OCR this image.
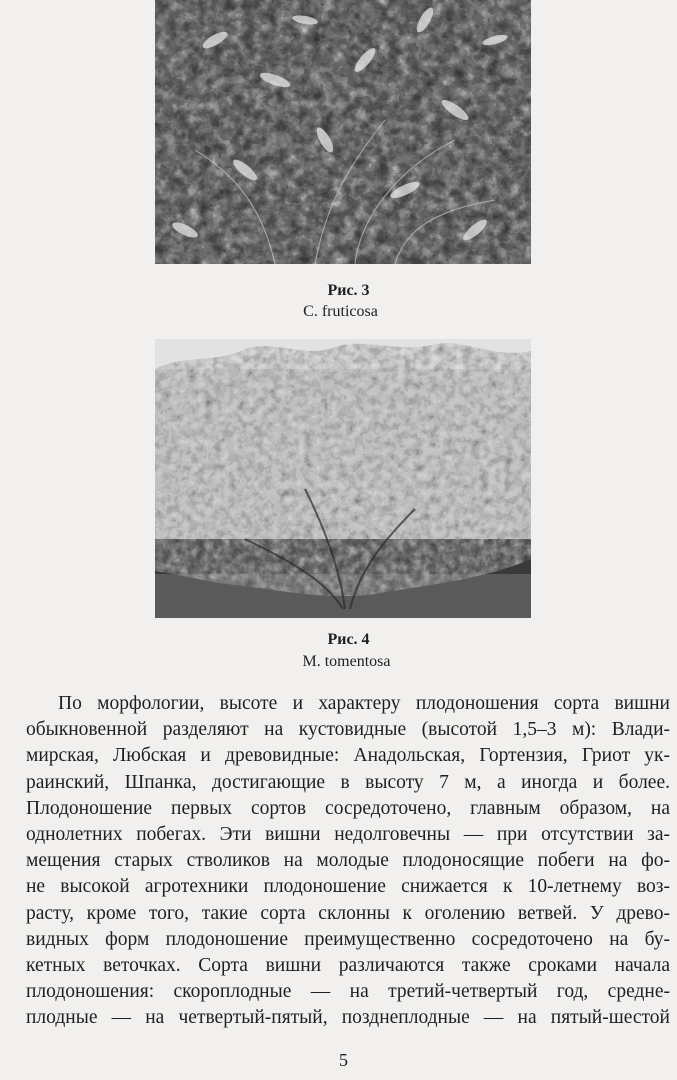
Рис. 3
C. fruticosa
Рис. 4
M. tomentosa
По морфологии, высоте и характеру плодоношения сорта вишни
обыкновенной разделяют на кустовидные (высотой 1,5–3 м): Влади-
мирская, Любская и древовидные: Анадольская, Гортензия, Гриот ук-
раинский, Шпанка, достигающие в высоту 7 м, а иногда и более.
Плодоношение первых сортов сосредоточено, главным образом, на
однолетних побегах. Эти вишни недолговечны — при отсутствии за-
мещения старых стволиков на молодые плодоносящие побеги на фо-
не высокой агротехники плодоношение снижается к 10-летнему воз-
расту, кроме того, такие сорта склонны к оголению ветвей. У древо-
видных форм плодоношение преимущественно сосредоточено на бу-
кетных веточках. Сорта вишни различаются также сроками начала
плодоношения: скороплодные — на третий-четвертый год, средне-
плодные — на четвертый-пятый, позднеплодные — на пятый-шестой
5
